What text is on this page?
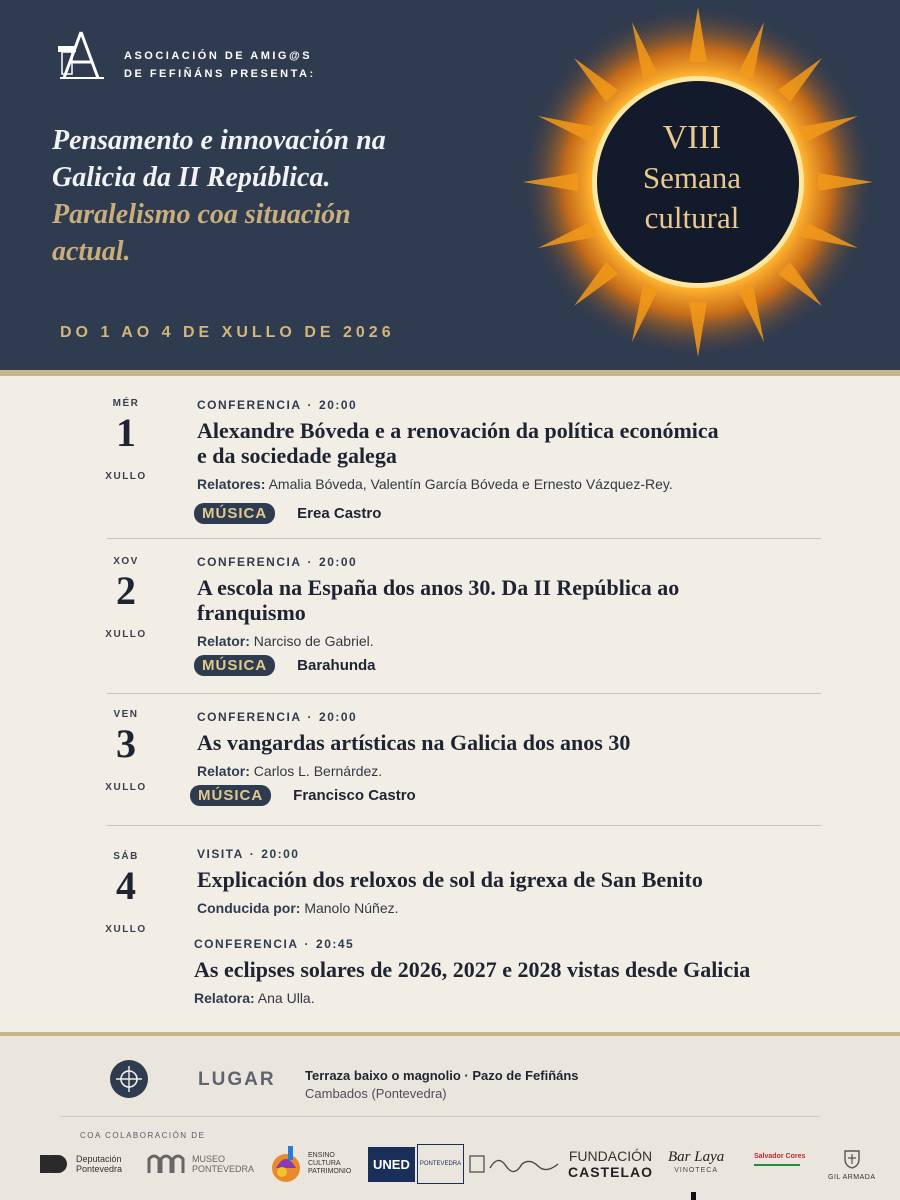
ASOCIACIÓN DE AMIG@S
DE FEFIÑÁNS PRESENTA:
Pensamento e innovación na
Galicia da II República.
Paralelismo coa situación
actual.
DO 1 AO 4 DE XULLO DE 2026
VIII
Semana
cultural
MÉR
1
XULLO
CONFERENCIA · 20:00
Alexandre Bóveda e a renovación da política económica
e da sociedade galega
Relatores: Amalia Bóveda, Valentín García Bóveda e Ernesto Vázquez-Rey.
MÚSICA	Erea Castro
XOV
2
XULLO
CONFERENCIA · 20:00
A escola na España dos anos 30. Da II República ao
franquismo
Relator: Narciso de Gabriel.
MÚSICA	Barahunda
VEN
3
XULLO
CONFERENCIA · 20:00
As vangardas artísticas na Galicia dos anos 30
Relator: Carlos L. Bernárdez.
MÚSICA	Francisco Castro
SÁB
4
XULLO
VISITA · 20:00
Explicación dos reloxos de sol da igrexa de San Benito
Conducida por: Manolo Núñez.
CONFERENCIA · 20:45
As eclipses solares de 2026, 2027 e 2028 vistas desde Galicia
Relatora: Ana Ulla.
LUGAR Terraza baixo o magnolio · Pazo de Fefiñáns
Cambados (Pontevedra)
COA COLABORACIÓN DE
Deputación
Pontevedra
MUSEO
PONTEVEDRA
ENSINO
CULTURA
PATRIMONIO	UNED	PONTEVEDRA	FUNDACIÓN
CASTELAO
Bar Laya
VINOTECA
Salvador Cores
GIL ARMADA
